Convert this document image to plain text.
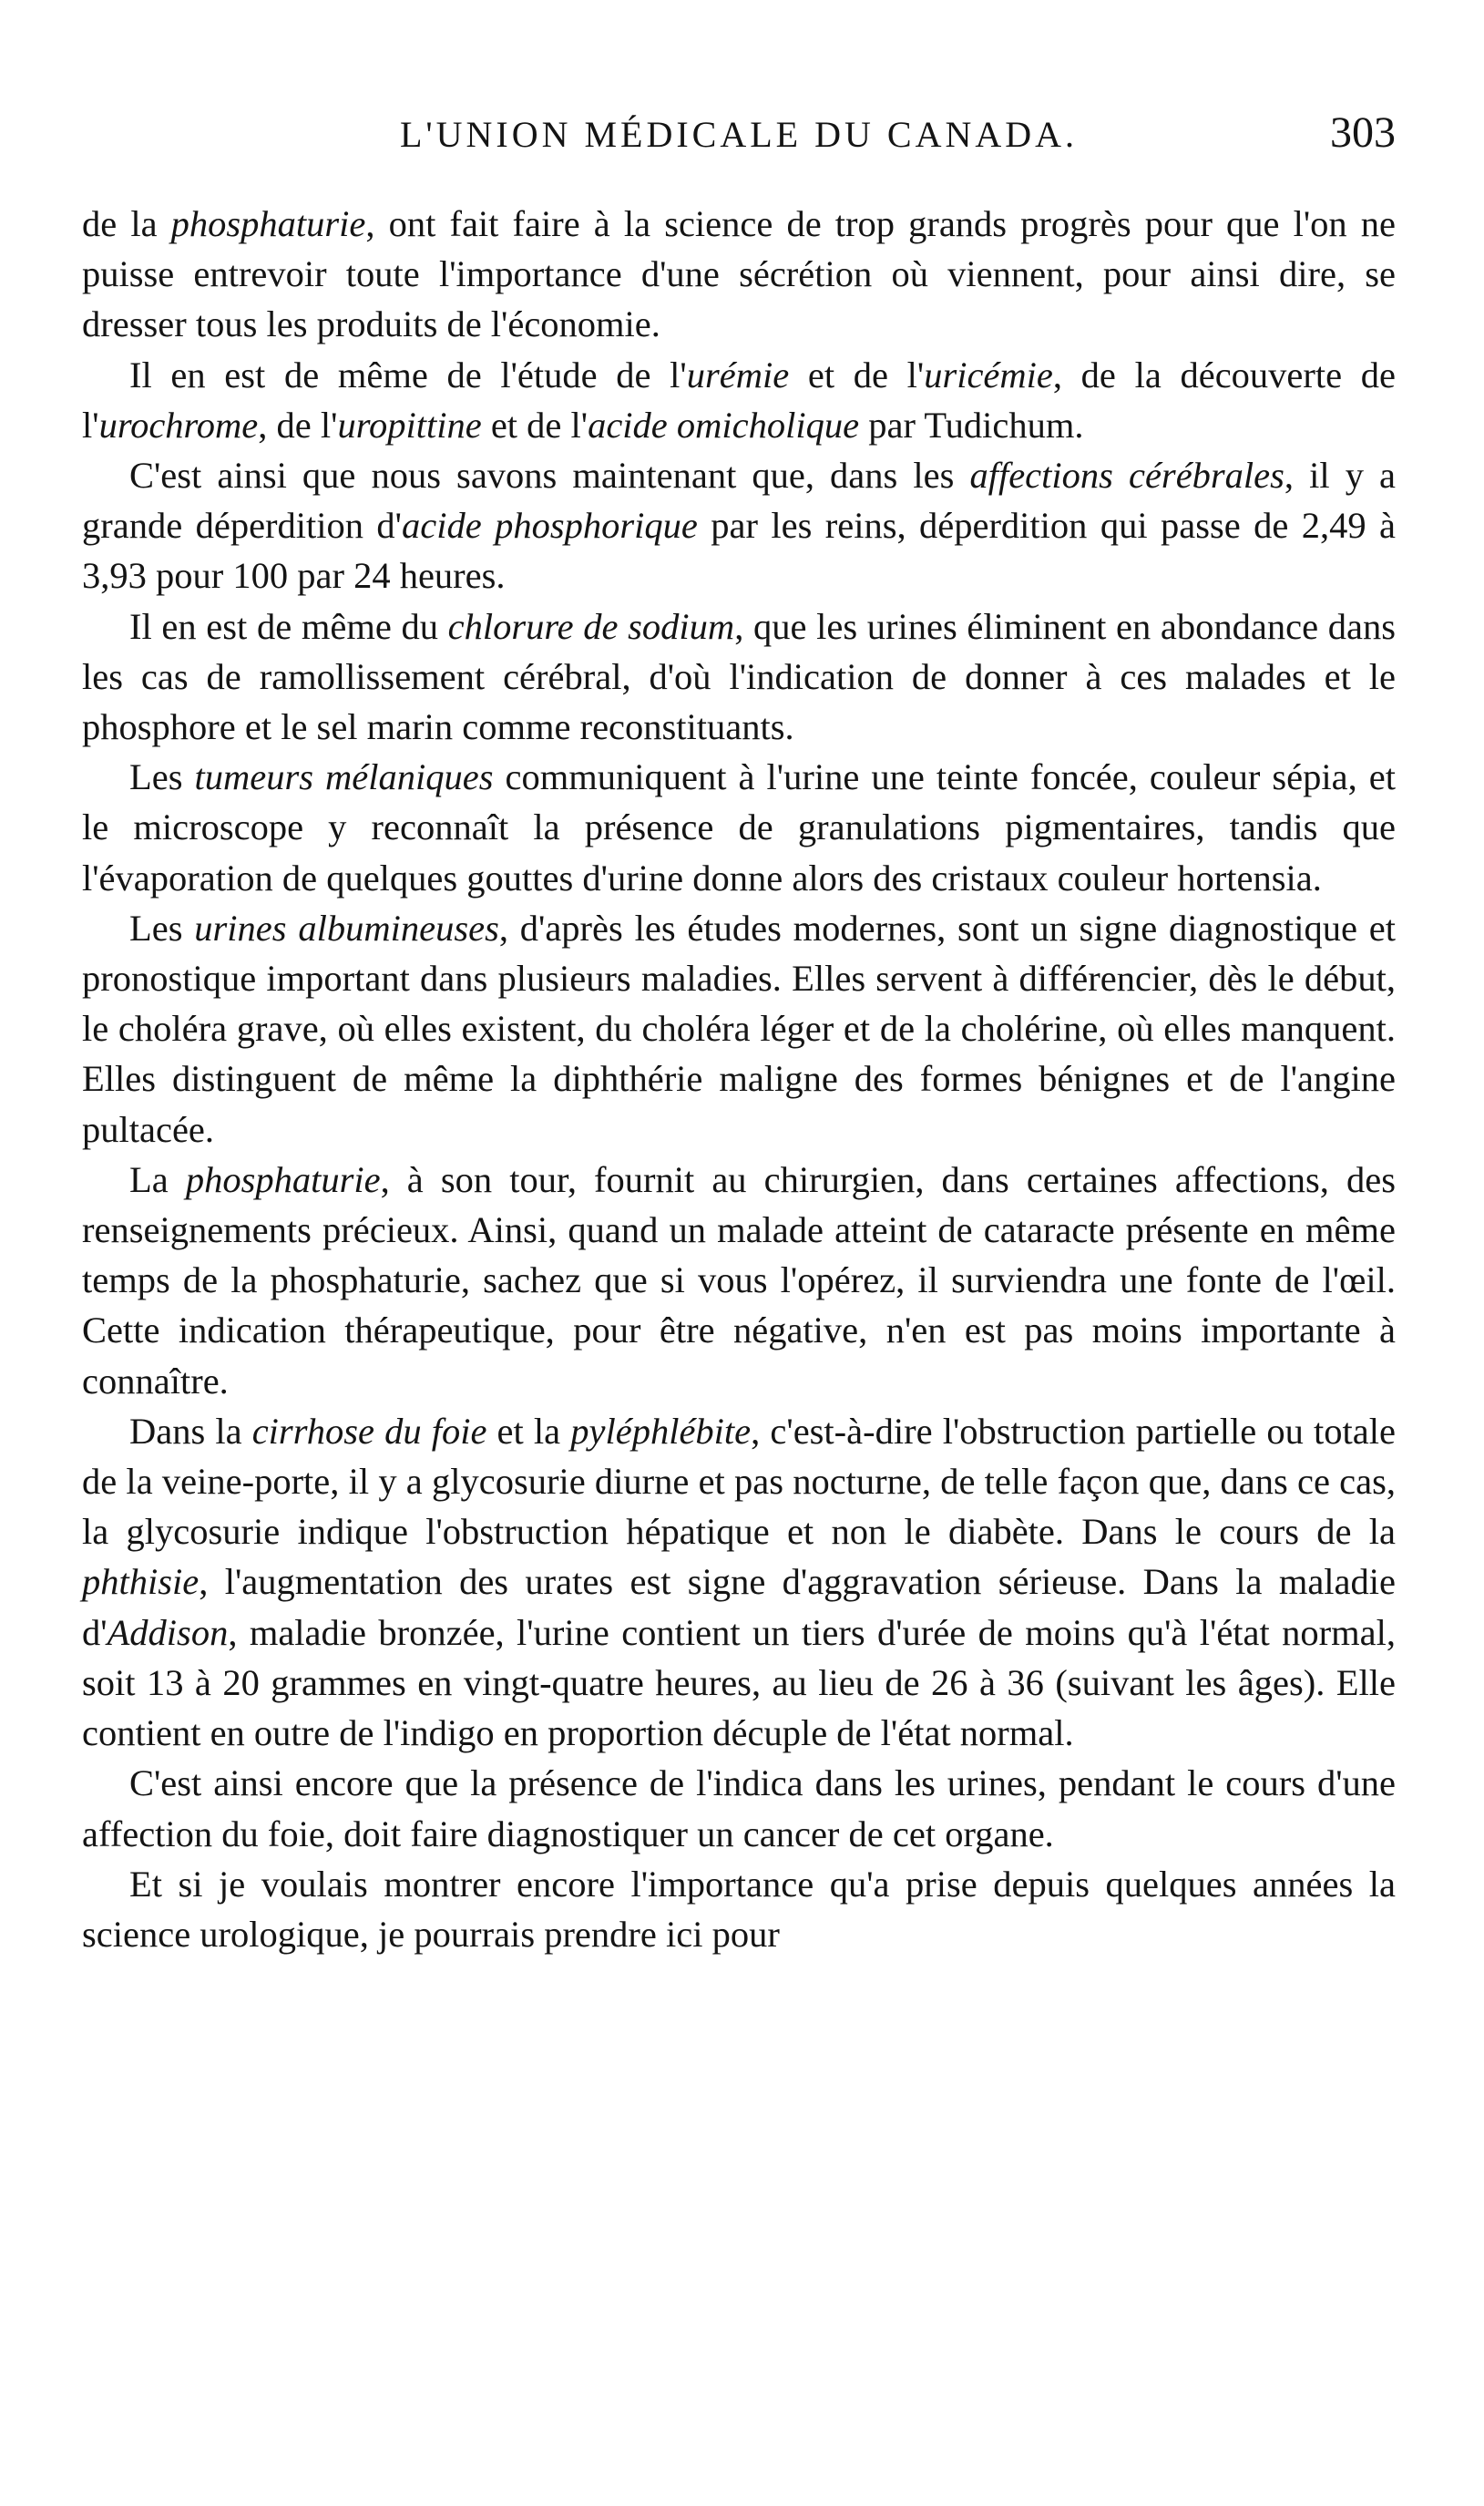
L'UNION MÉDICALE DU CANADA.	303

de la phosphaturie, ont fait faire à la science de trop grands progrès pour que l'on ne puisse entrevoir toute l'importance d'une sécrétion où viennent, pour ainsi dire, se dresser tous les produits de l'économie.

Il en est de même de l'étude de l'urémie et de l'uricémie, de la découverte de l'urochrome, de l'uropittine et de l'acide omicholique par Tudichum.

C'est ainsi que nous savons maintenant que, dans les affections cérébrales, il y a grande déperdition d'acide phosphorique par les reins, déperdition qui passe de 2,49 à 3,93 pour 100 par 24 heures.

Il en est de même du chlorure de sodium, que les urines éliminent en abondance dans les cas de ramollissement cérébral, d'où l'indication de donner à ces malades et le phosphore et le sel marin comme reconstituants.

Les tumeurs mélaniques communiquent à l'urine une teinte foncée, couleur sépia, et le microscope y reconnaît la présence de granulations pigmentaires, tandis que l'évaporation de quelques gouttes d'urine donne alors des cristaux couleur hortensia.

Les urines albumineuses, d'après les études modernes, sont un signe diagnostique et pronostique important dans plusieurs maladies. Elles servent à différencier, dès le début, le choléra grave, où elles existent, du choléra léger et de la cholérine, où elles manquent. Elles distinguent de même la diphthérie maligne des formes bénignes et de l'angine pultacée.

La phosphaturie, à son tour, fournit au chirurgien, dans certaines affections, des renseignements précieux. Ainsi, quand un malade atteint de cataracte présente en même temps de la phosphaturie, sachez que si vous l'opérez, il surviendra une fonte de l'œil. Cette indication thérapeutique, pour être négative, n'en est pas moins importante à connaître.

Dans la cirrhose du foie et la pyléphlébite, c'est-à-dire l'obstruction partielle ou totale de la veine-porte, il y a glycosurie diurne et pas nocturne, de telle façon que, dans ce cas, la glycosurie indique l'obstruction hépatique et non le diabète. Dans le cours de la phthisie, l'augmentation des urates est signe d'aggravation sérieuse. Dans la maladie d'Addison, maladie bronzée, l'urine contient un tiers d'urée de moins qu'à l'état normal, soit 13 à 20 grammes en vingt-quatre heures, au lieu de 26 à 36 (suivant les âges). Elle contient en outre de l'indigo en proportion décuple de l'état normal.

C'est ainsi encore que la présence de l'indica dans les urines, pendant le cours d'une affection du foie, doit faire diagnostiquer un cancer de cet organe.

Et si je voulais montrer encore l'importance qu'a prise depuis quelques années la science urologique, je pourrais prendre ici pour
